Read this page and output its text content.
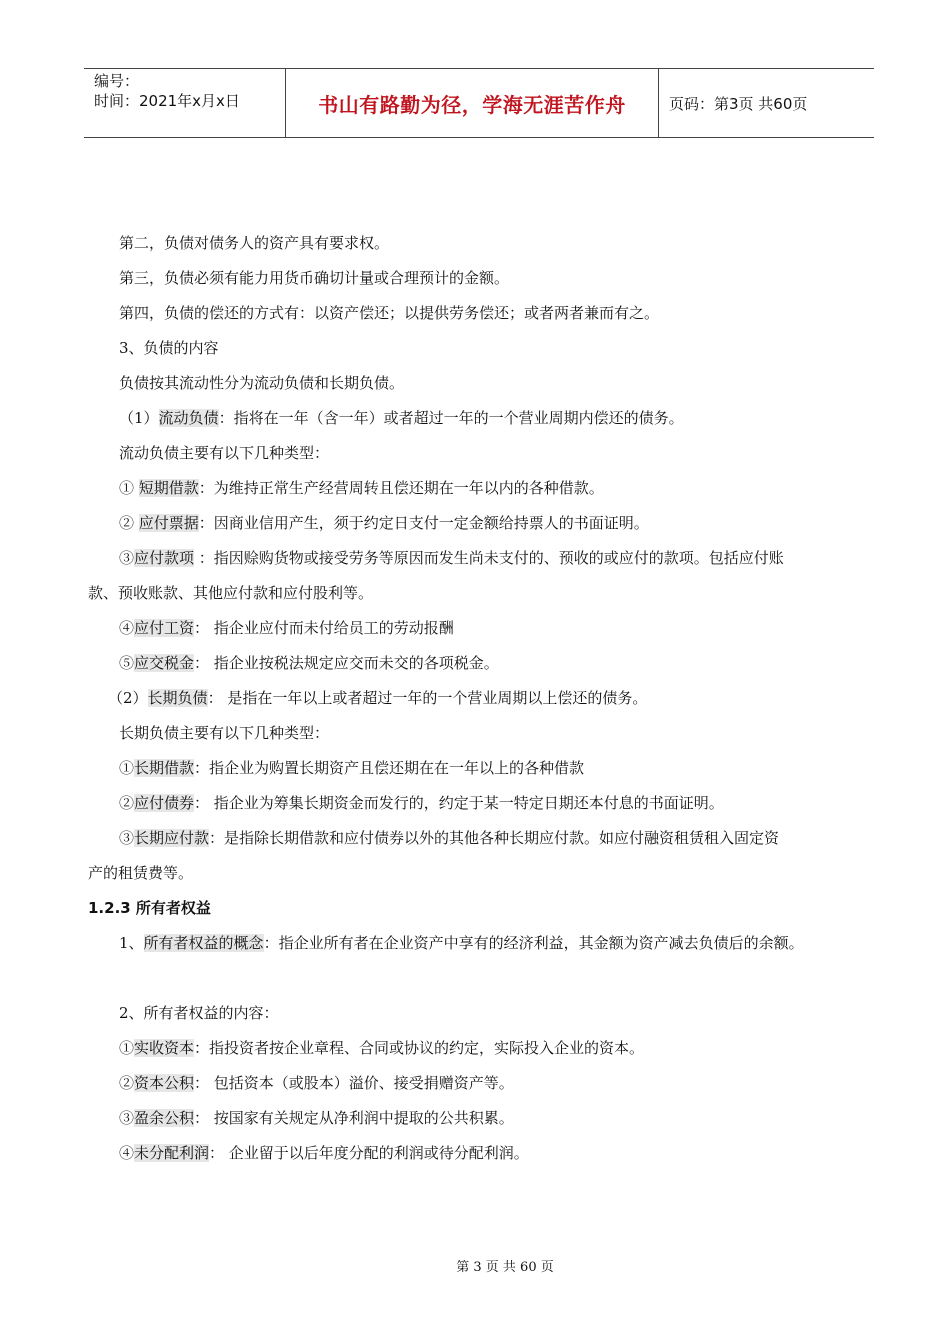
编号：
时间：2021年x月x日	书山有路勤为径，学海无涯苦作舟	页码：第3页 共60页
第二，负债对债务人的资产具有要求权。
第三，负债必须有能力用货币确切计量或合理预计的金额。
第四，负债的偿还的方式有：以资产偿还；以提供劳务偿还；或者两者兼而有之。
3、负债的内容
负债按其流动性分为流动负债和长期负债。
（1）流动负债：指将在一年（含一年）或者超过一年的一个营业周期内偿还的债务。
流动负债主要有以下几种类型：
① 短期借款：为维持正常生产经营周转且偿还期在一年以内的各种借款。
② 应付票据：因商业信用产生，须于约定日支付一定金额给持票人的书面证明。
③应付款项 ：指因赊购货物或接受劳务等原因而发生尚未支付的、预收的或应付的款项。包括应付账
款、预收账款、其他应付款和应付股利等。
④应付工资： 指企业应付而未付给员工的劳动报酬
⑤应交税金： 指企业按税法规定应交而未交的各项税金。
（2）长期负债： 是指在一年以上或者超过一年的一个营业周期以上偿还的债务。
长期负债主要有以下几种类型：
①长期借款：指企业为购置长期资产且偿还期在在一年以上的各种借款
②应付债券： 指企业为筹集长期资金而发行的，约定于某一特定日期还本付息的书面证明。
③长期应付款：是指除长期借款和应付债券以外的其他各种长期应付款。如应付融资租赁租入固定资
产的租赁费等。
1.2.3 所有者权益
1、所有者权益的概念：指企业所有者在企业资产中享有的经济利益，其金额为资产减去负债后的余额。
2、所有者权益的内容：
①实收资本：指投资者按企业章程、合同或协议的约定，实际投入企业的资本。
②资本公积： 包括资本（或股本）溢价、接受捐赠资产等。
③盈余公积： 按国家有关规定从净利润中提取的公共积累。
④未分配利润： 企业留于以后年度分配的利润或待分配利润。
第 3 页 共 60 页
